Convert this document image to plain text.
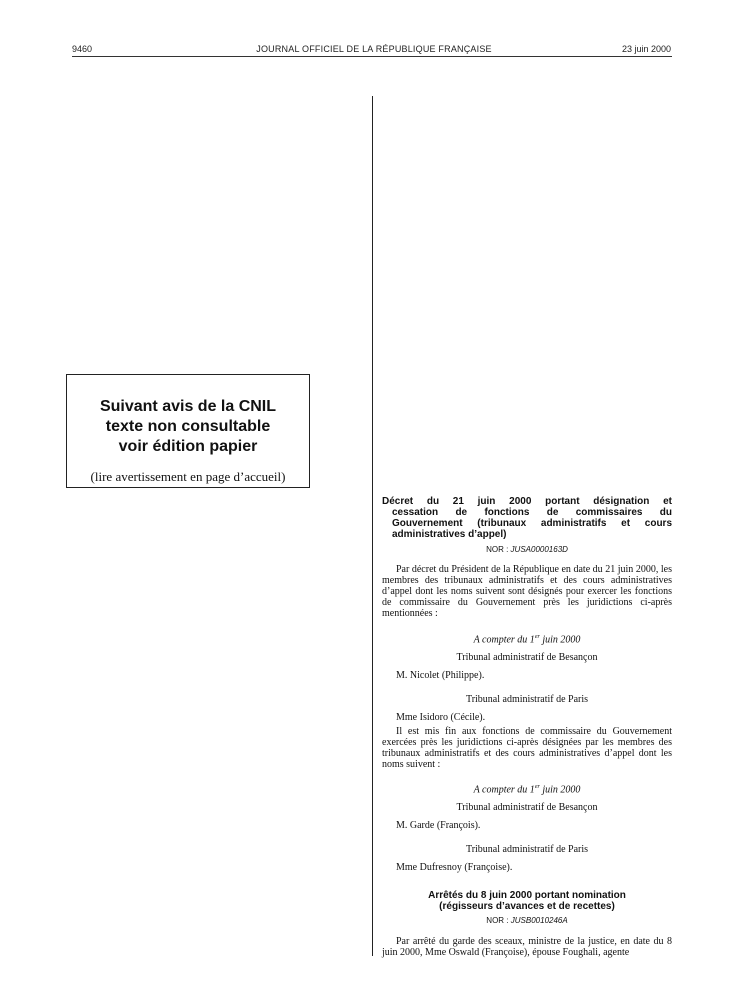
9460	JOURNAL OFFICIEL DE LA RÉPUBLIQUE FRANÇAISE	23 juin 2000
Suivant avis de la CNIL
texte non consultable
voir édition papier
(lire avertissement en page d’accueil)
Décret du 21 juin 2000 portant désignation et
cessation de fonctions de commissaires du
Gouvernement (tribunaux administratifs et cours
administratives d’appel)
NOR : JUSA0000163D
Par décret du Président de la République en date du 21 juin 2000, les membres des tribunaux administratifs et des cours administratives d’appel dont les noms suivent sont désignés pour exercer les fonctions de commissaire du Gouvernement près les juridictions ci-après mentionnées :
A compter du 1er juin 2000
Tribunal administratif de Besançon
M. Nicolet (Philippe).
Tribunal administratif de Paris
Mme Isidoro (Cécile).
Il est mis fin aux fonctions de commissaire du Gouvernement exercées près les juridictions ci-après désignées par les membres des tribunaux administratifs et des cours administratives d’appel dont les noms suivent :
A compter du 1er juin 2000
Tribunal administratif de Besançon
M. Garde (François).
Tribunal administratif de Paris
Mme Dufresnoy (Françoise).
Arrêtés du 8 juin 2000 portant nomination
(régisseurs d’avances et de recettes)
NOR : JUSB0010246A
Par arrêté du garde des sceaux, ministre de la justice, en date du 8 juin 2000, Mme Oswald (Françoise), épouse Foughali, agente
